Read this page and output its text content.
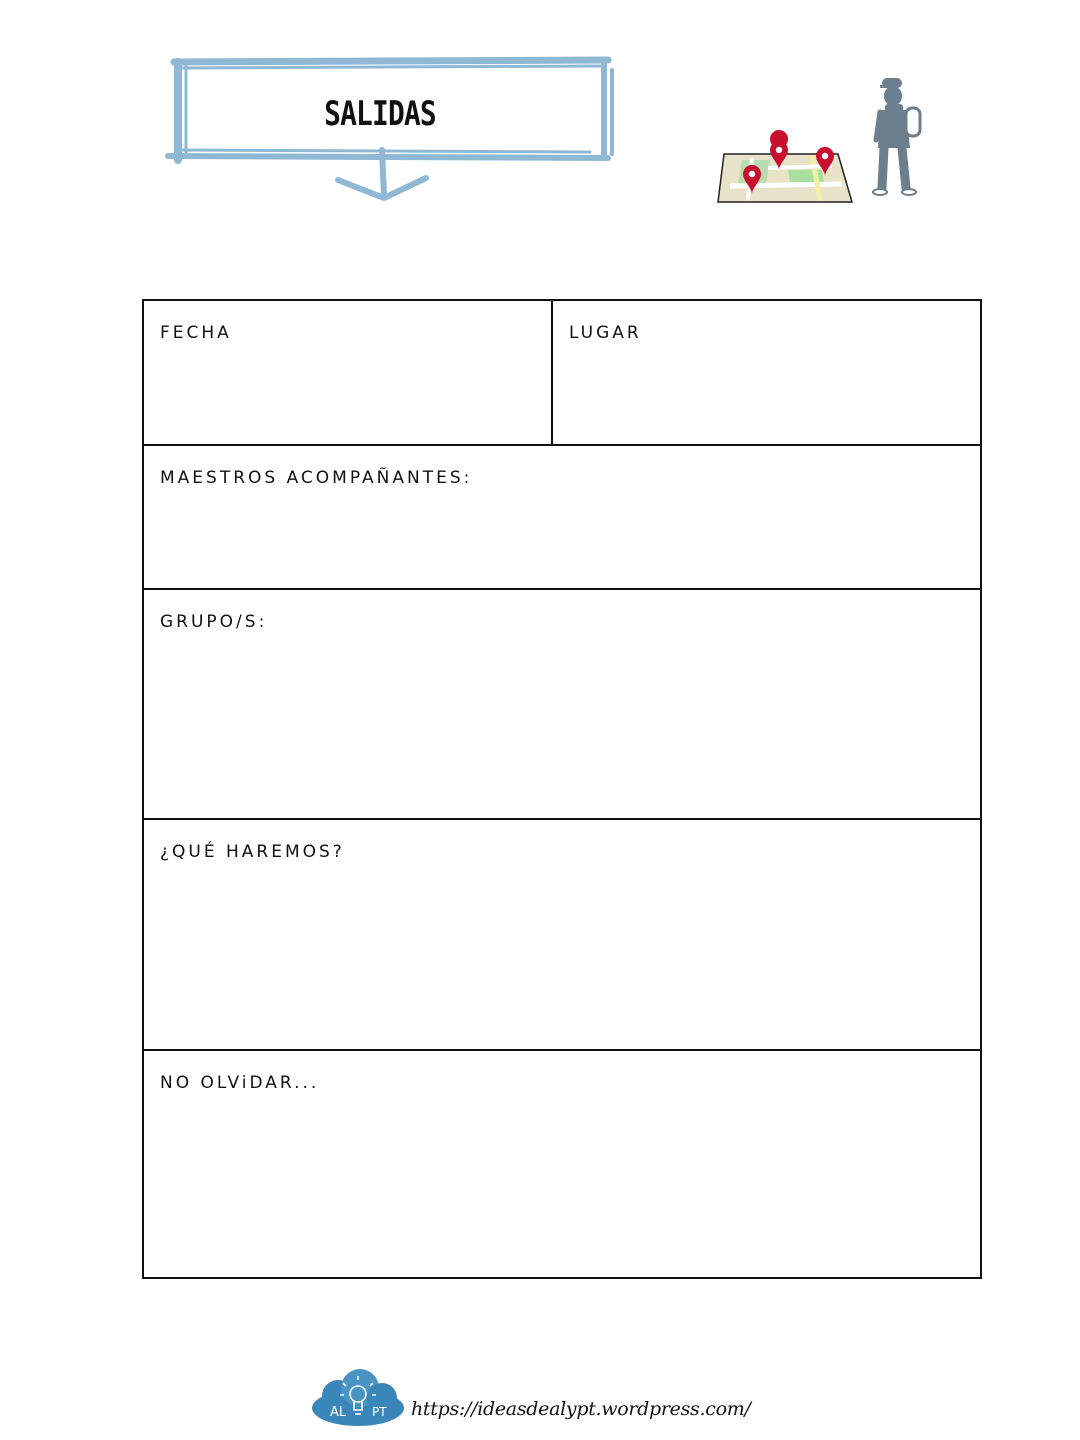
SALIDAS
FECHA	LUGAR
MAESTROS ACOMPAÑANTES:
GRUPO/S:
¿QUÉ HAREMOS?
NO OLViDAR...
AL PT https://ideasdealypt.wordpress.com/
